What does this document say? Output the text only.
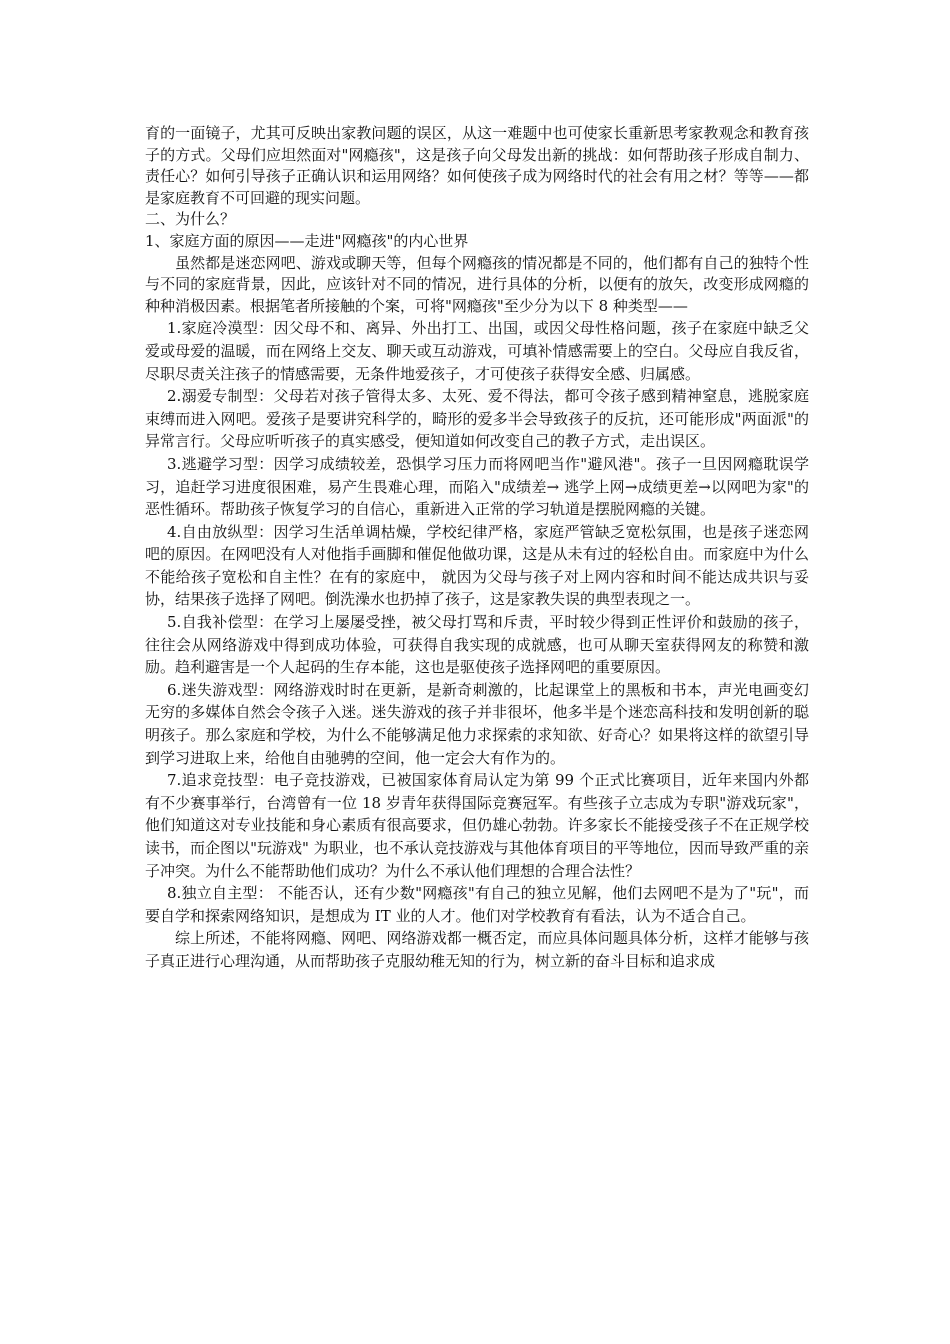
育的一面镜子，尤其可反映出家教问题的误区，从这一难题中也可使家长重新思考家教观念和教育孩子的方式。父母们应坦然面对"网瘾孩"，这是孩子向父母发出新的挑战：如何帮助孩子形成自制力、责任心？如何引导孩子正确认识和运用网络？如何使孩子成为网络时代的社会有用之材？等等——都是家庭教育不可回避的现实问题。

二、为什么？

1、家庭方面的原因——走进"网瘾孩"的内心世界

虽然都是迷恋网吧、游戏或聊天等，但每个网瘾孩的情况都是不同的，他们都有自己的独特个性与不同的家庭背景，因此，应该针对不同的情况，进行具体的分析，以便有的放矢，改变形成网瘾的种种消极因素。根据笔者所接触的个案，可将"网瘾孩"至少分为以下 8 种类型——

1.家庭冷漠型：因父母不和、离异、外出打工、出国，或因父母性格问题，孩子在家庭中缺乏父爱或母爱的温暖，而在网络上交友、聊天或互动游戏，可填补情感需要上的空白。父母应自我反省，尽职尽责关注孩子的情感需要，无条件地爱孩子，才可使孩子获得安全感、归属感。

2.溺爱专制型：父母若对孩子管得太多、太死、爱不得法，都可令孩子感到精神窒息，逃脱家庭束缚而进入网吧。爱孩子是要讲究科学的，畸形的爱多半会导致孩子的反抗，还可能形成"两面派"的异常言行。父母应听听孩子的真实感受，便知道如何改变自己的教子方式，走出误区。

3.逃避学习型：因学习成绩较差，恐惧学习压力而将网吧当作"避风港"。孩子一旦因网瘾耽误学习，追赶学习进度很困难，易产生畏难心理，而陷入"成绩差→ 逃学上网→成绩更差→以网吧为家"的恶性循环。帮助孩子恢复学习的自信心，重新进入正常的学习轨道是摆脱网瘾的关键。

4.自由放纵型：因学习生活单调枯燥，学校纪律严格，家庭严管缺乏宽松氛围，也是孩子迷恋网吧的原因。在网吧没有人对他指手画脚和催促他做功课，这是从未有过的轻松自由。而家庭中为什么不能给孩子宽松和自主性？在有的家庭中， 就因为父母与孩子对上网内容和时间不能达成共识与妥协，结果孩子选择了网吧。倒洗澡水也扔掉了孩子，这是家教失误的典型表现之一。

5.自我补偿型：在学习上屡屡受挫，被父母打骂和斥责，平时较少得到正性评价和鼓励的孩子，往往会从网络游戏中得到成功体验，可获得自我实现的成就感，也可从聊天室获得网友的称赞和激励。趋利避害是一个人起码的生存本能，这也是驱使孩子选择网吧的重要原因。

6.迷失游戏型：网络游戏时时在更新，是新奇刺激的，比起课堂上的黑板和书本，声光电画变幻无穷的多媒体自然会令孩子入迷。迷失游戏的孩子并非很坏，他多半是个迷恋高科技和发明创新的聪明孩子。那么家庭和学校，为什么不能够满足他力求探索的求知欲、好奇心？如果将这样的欲望引导到学习进取上来，给他自由驰骋的空间，他一定会大有作为的。

7.追求竞技型：电子竞技游戏，已被国家体育局认定为第 99 个正式比赛项目，近年来国内外都有不少赛事举行，台湾曾有一位 18 岁青年获得国际竞赛冠军。有些孩子立志成为专职"游戏玩家"，他们知道这对专业技能和身心素质有很高要求，但仍雄心勃勃。许多家长不能接受孩子不在正规学校读书，而企图以"玩游戏" 为职业，也不承认竞技游戏与其他体育项目的平等地位，因而导致严重的亲子冲突。为什么不能帮助他们成功？为什么不承认他们理想的合理合法性？

8.独立自主型： 不能否认，还有少数"网瘾孩"有自己的独立见解，他们去网吧不是为了"玩"，而要自学和探索网络知识，是想成为 IT 业的人才。他们对学校教育有看法，认为不适合自己。

综上所述，不能将网瘾、网吧、网络游戏都一概否定，而应具体问题具体分析，这样才能够与孩子真正进行心理沟通，从而帮助孩子克服幼稚无知的行为，树立新的奋斗目标和追求成
